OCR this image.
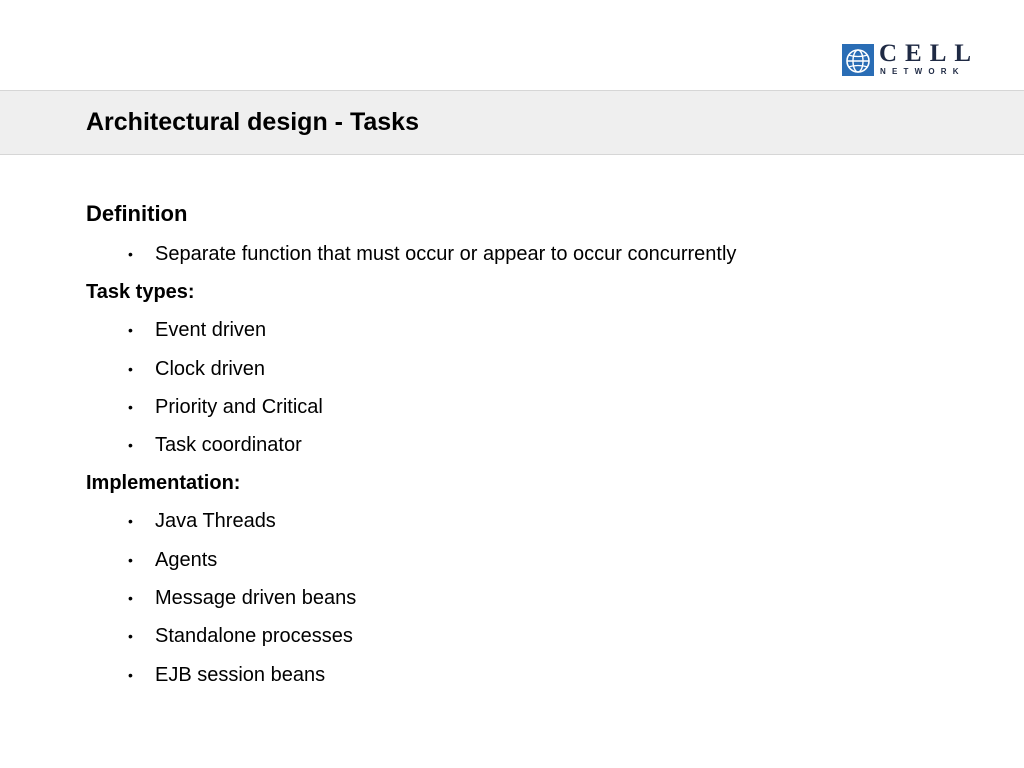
CELL
NETWORK
Architectural design - Tasks
Definition
• Separate function that must occur or appear to occur concurrently
Task types:
• Event driven
• Clock driven
• Priority and Critical
• Task coordinator
Implementation:
• Java Threads
• Agents
• Message driven beans
• Standalone processes
• EJB session beans
